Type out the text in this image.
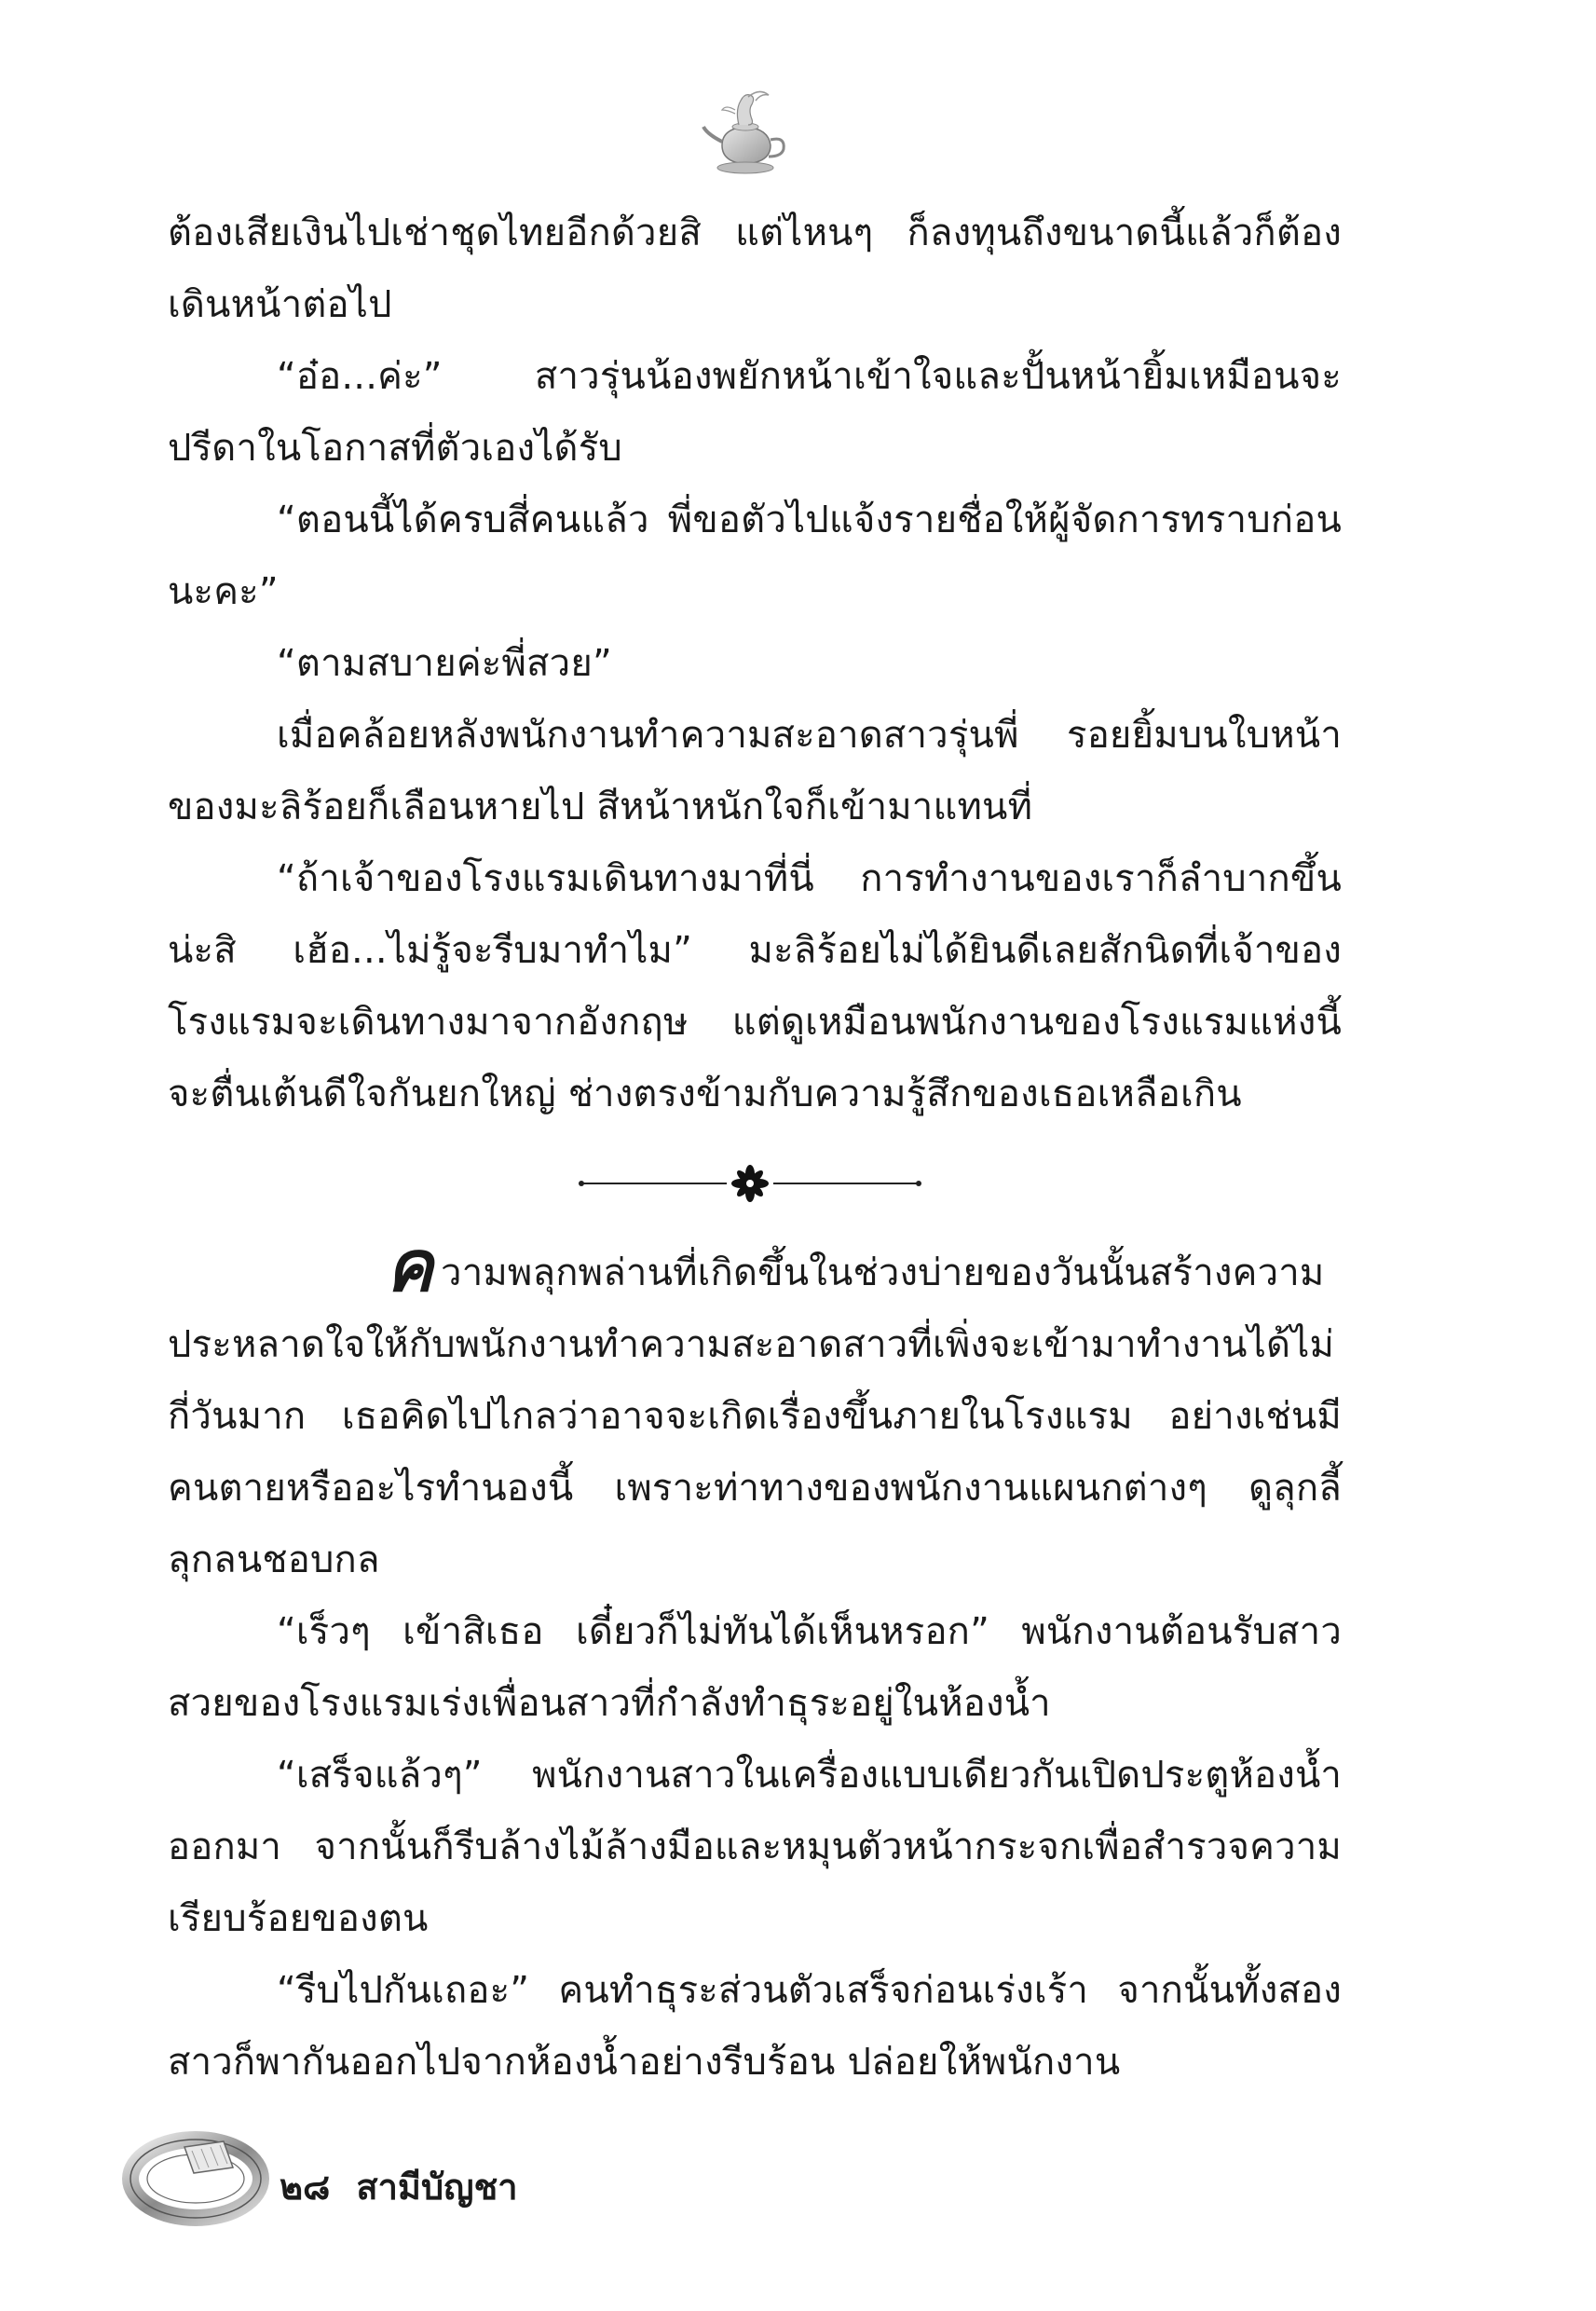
ต้องเสียเงินไปเช่าชุดไทยอีกด้วยสิ แต่ไหนๆ ก็ลงทุนถึงขนาดนี้แล้วก็ต้องเดินหน้าต่อไป

“อ๋อ...ค่ะ” สาวรุ่นน้องพยักหน้าเข้าใจและปั้นหน้ายิ้มเหมือนจะปรีดาในโอกาสที่ตัวเองได้รับ

“ตอนนี้ได้ครบสี่คนแล้ว พี่ขอตัวไปแจ้งรายชื่อให้ผู้จัดการทราบก่อนนะคะ”

“ตามสบายค่ะพี่สวย”

เมื่อคล้อยหลังพนักงานทำความสะอาดสาวรุ่นพี่ รอยยิ้มบนใบหน้าของมะลิร้อยก็เลือนหายไป สีหน้าหนักใจก็เข้ามาแทนที่

“ถ้าเจ้าของโรงแรมเดินทางมาที่นี่ การทำงานของเราก็ลำบากขึ้นน่ะสิ เฮ้อ...ไม่รู้จะรีบมาทำไม” มะลิร้อยไม่ได้ยินดีเลยสักนิดที่เจ้าของโรงแรมจะเดินทางมาจากอังกฤษ แต่ดูเหมือนพนักงานของโรงแรมแห่งนี้จะตื่นเต้นดีใจกันยกใหญ่ ช่างตรงข้ามกับความรู้สึกของเธอเหลือเกิน

ความพลุกพล่านที่เกิดขึ้นในช่วงบ่ายของวันนั้นสร้างความประหลาดใจให้กับพนักงานทำความสะอาดสาวที่เพิ่งจะเข้ามาทำงานได้ไม่กี่วันมาก เธอคิดไปไกลว่าอาจจะเกิดเรื่องขึ้นภายในโรงแรม อย่างเช่นมีคนตายหรืออะไรทำนองนี้ เพราะท่าทางของพนักงานแผนกต่างๆ ดูลุกลี้ลุกลนชอบกล

“เร็วๆ เข้าสิเธอ เดี๋ยวก็ไม่ทันได้เห็นหรอก” พนักงานต้อนรับสาวสวยของโรงแรมเร่งเพื่อนสาวที่กำลังทำธุระอยู่ในห้องน้ำ

“เสร็จแล้วๆ” พนักงานสาวในเครื่องแบบเดียวกันเปิดประตูห้องน้ำออกมา จากนั้นก็รีบล้างไม้ล้างมือและหมุนตัวหน้ากระจกเพื่อสำรวจความเรียบร้อยของตน

“รีบไปกันเถอะ” คนทำธุระส่วนตัวเสร็จก่อนเร่งเร้า จากนั้นทั้งสองสาวก็พากันออกไปจากห้องน้ำอย่างรีบร้อน ปล่อยให้พนักงาน

๒๘ สามีบัญชา
